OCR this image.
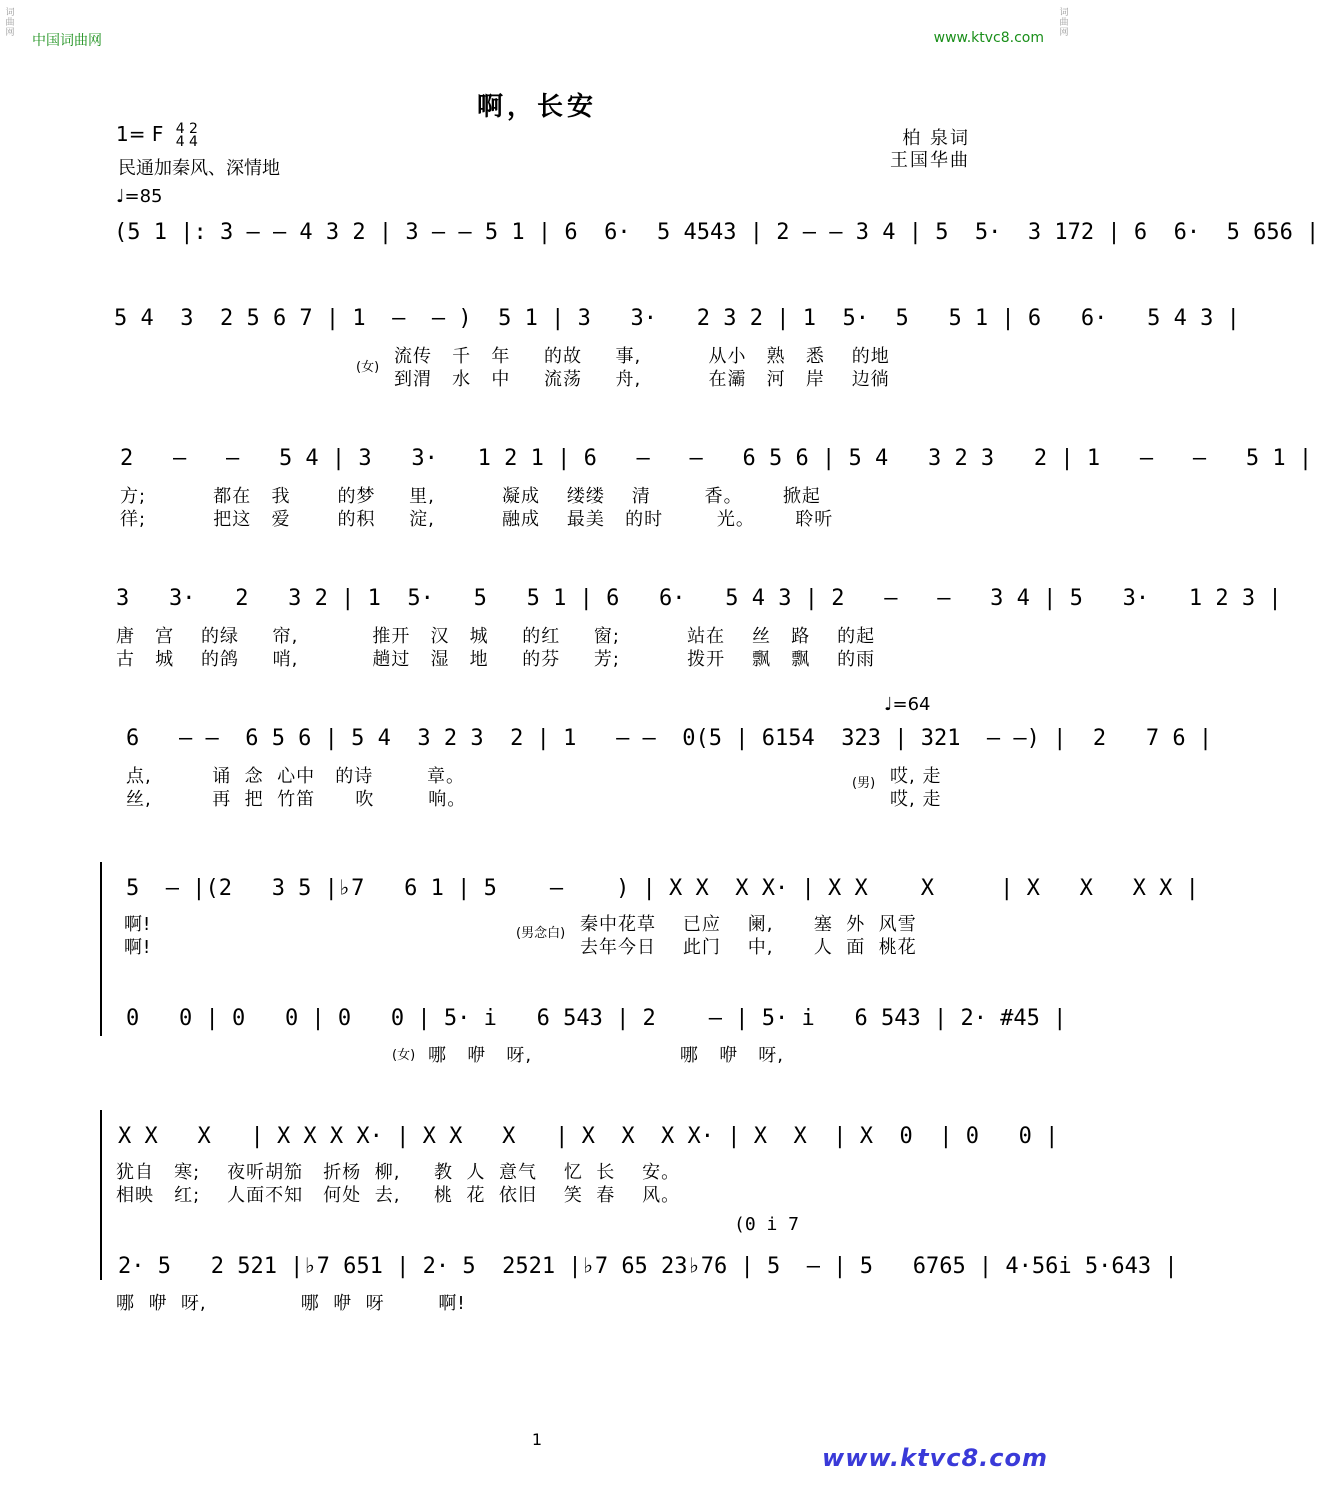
中国词曲网	www.ktvc8.com
啊，长安
1= F 4 2
4 4
民通加秦风、深情地
♩=85
柏 泉词
王国华曲
(5 1 |: 3 — — 4 3 2 | 3 — — 5 1 | 6  6·  5 4543 | 2 — — 3 4 | 5  5·  3 172 | 6  6·  5 656 |
5 4  3  2 5 6 7 | 1  —  — )  5 1 | 3   3·   2 3 2 | 1  5·  5   5 1 | 6   6·   5 4 3 |
(女)
流传   千   年     的故     事,          从小   熟   悉    的地
到渭   水   中     流荡     舟,          在灞   河   岸    边徜
2   —   —   5 4 | 3   3·   1 2 1 | 6   —   —   6 5 6 | 5 4   3 2 3   2 | 1   —   —   5 1 |
方;          都在   我       的梦     里,          凝成    缕缕    清        香。      掀起
徉;          把这   爱       的积     淀,          融成    最美   的时        光。      聆听
3   3·   2   3 2 | 1  5·   5   5 1 | 6   6·   5 4 3 | 2   —   —   3 4 | 5   3·   1 2 3 |
唐   宫    的绿     帘,           推开   汉   城     的红     窗;          站在    丝   路    的起
古   城    的鸽     哨,           趟过   湿   地     的芬     芳;          拨开    飘   飘    的雨
♩=64
6   — —  6 5 6 | 5 4  3 2 3  2 | 1   — —  0(5 | 6154  323 | 321  — —) |  2   7 6 |
点,         诵  念  心中   的诗        章。
丝,         再  把  竹笛      吹        响。
(男) 哎, 走
哎, 走
5  — |(2   3 5 |♭7   6 1 | 5    —    ) | X X  X X· | X X    X     | X   X   X X |
啊!
啊!
(男念白) 秦中花草    已应    阑,      塞  外  风雪
去年今日    此门    中,      人  面  桃花
0   0 | 0   0 | 0   0 | 5· i   6 543 | 2    — | 5· i   6 543 | 2· #45 |
(女) 哪   咿   呀,                      哪   咿   呀,
X X   X   | X X X X· | X X   X   | X  X  X X· | X  X  | X  0  | 0   0 |
犹自   寒;    夜听胡笳   折杨  柳,     教  人  意气    忆  长    安。
相映   红;    人面不知   何处  去,     桃  花  依旧    笑  春    风。
(0 i 7
2· 5   2 521 |♭7 651 | 2· 5  2521 |♭7 65 23♭76 | 5  — | 5   6765 | 4·56i 5·643 |
哪  咿  呀,              哪  咿  呀        啊!
1
www.ktvc8.com
词曲网
词曲网
